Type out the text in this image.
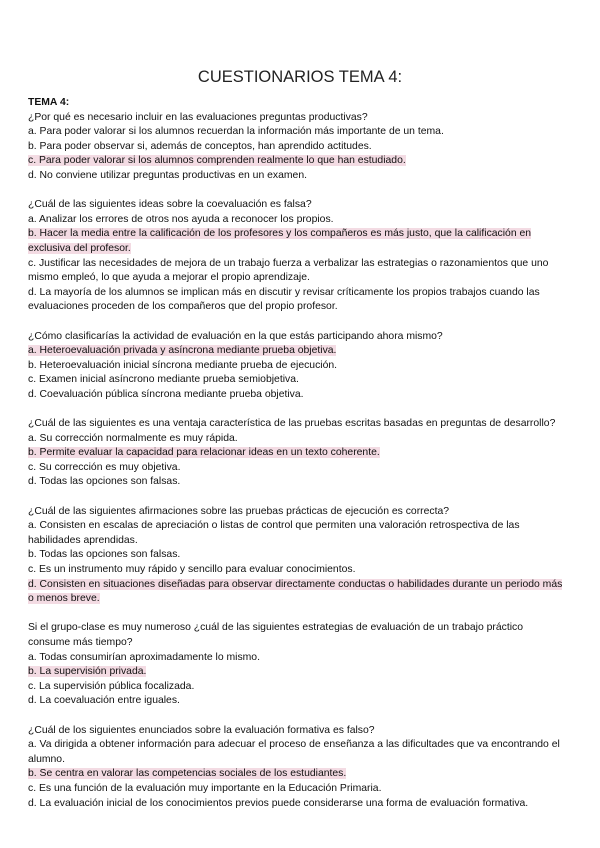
CUESTIONARIOS TEMA 4:
TEMA 4:

¿Por qué es necesario incluir en las evaluaciones preguntas productivas?

a. Para poder valorar si los alumnos recuerdan la información más importante de un tema.

b. Para poder observar si, además de conceptos, han aprendido actitudes.

c. Para poder valorar si los alumnos comprenden realmente lo que han estudiado.

d. No conviene utilizar preguntas productivas en un examen.

¿Cuál de las siguientes ideas sobre la coevaluación es falsa?

a. Analizar los errores de otros nos ayuda a reconocer los propios.

b. Hacer la media entre la calificación de los profesores y los compañeros es más justo, que la calificación en exclusiva del profesor.

c. Justificar las necesidades de mejora de un trabajo fuerza a verbalizar las estrategias o razonamientos que uno mismo empleó, lo que ayuda a mejorar el propio aprendizaje.

d. La mayoría de los alumnos se implican más en discutir y revisar críticamente los propios trabajos cuando las evaluaciones proceden de los compañeros que del propio profesor.

¿Cómo clasificarías la actividad de evaluación en la que estás participando ahora mismo?

a. Heteroevaluación privada y asíncrona mediante prueba objetiva.

b. Heteroevaluación inicial síncrona mediante prueba de ejecución.

c. Examen inicial asíncrono mediante prueba semiobjetiva.

d. Coevaluación pública síncrona mediante prueba objetiva.

¿Cuál de las siguientes es una ventaja característica de las pruebas escritas basadas en preguntas de desarrollo?

a. Su corrección normalmente es muy rápida.

b. Permite evaluar la capacidad para relacionar ideas en un texto coherente.

c. Su corrección es muy objetiva.

d. Todas las opciones son falsas.

¿Cuál de las siguientes afirmaciones sobre las pruebas prácticas de ejecución es correcta?

a. Consisten en escalas de apreciación o listas de control que permiten una valoración retrospectiva de las habilidades aprendidas.

b. Todas las opciones son falsas.

c. Es un instrumento muy rápido y sencillo para evaluar conocimientos.

d. Consisten en situaciones diseñadas para observar directamente conductas o habilidades durante un periodo más o menos breve.

Si el grupo-clase es muy numeroso ¿cuál de las siguientes estrategias de evaluación de un trabajo práctico consume más tiempo?

a. Todas consumirían aproximadamente lo mismo.

b. La supervisión privada.

c. La supervisión pública focalizada.

d. La coevaluación entre iguales.

¿Cuál de los siguientes enunciados sobre la evaluación formativa es falso?

a. Va dirigida a obtener información para adecuar el proceso de enseñanza a las dificultades que va encontrando el alumno.

b. Se centra en valorar las competencias sociales de los estudiantes.

c. Es una función de la evaluación muy importante en la Educación Primaria.

d. La evaluación inicial de los conocimientos previos puede considerarse una forma de evaluación formativa.
